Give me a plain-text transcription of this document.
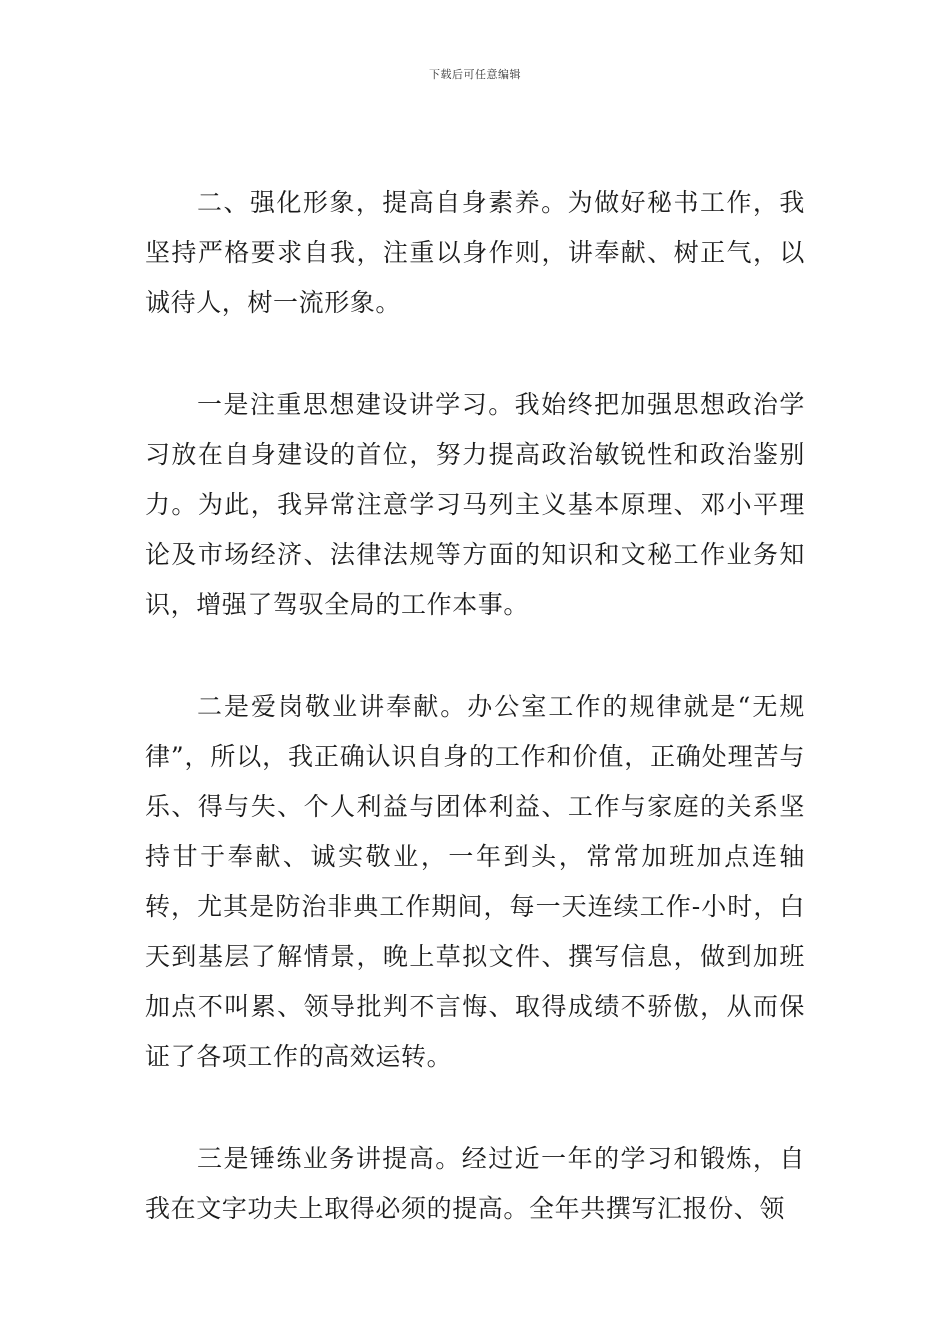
下载后可任意编辑

二、强化形象，提高自身素养。为做好秘书工作，我坚持严格要求自我，注重以身作则，讲奉献、树正气，以诚待人，树一流形象。

一是注重思想建设讲学习。我始终把加强思想政治学习放在自身建设的首位，努力提高政治敏锐性和政治鉴别力。为此，我异常注意学习马列主义基本原理、邓小平理论及市场经济、法律法规等方面的知识和文秘工作业务知识，增强了驾驭全局的工作本事。

二是爱岗敬业讲奉献。办公室工作的规律就是“无规律”，所以，我正确认识自身的工作和价值，正确处理苦与乐、得与失、个人利益与团体利益、工作与家庭的关系坚持甘于奉献、诚实敬业，一年到头，常常加班加点连轴转，尤其是防治非典工作期间，每一天连续工作-小时，白天到基层了解情景，晚上草拟文件、撰写信息，做到加班加点不叫累、领导批判不言悔、取得成绩不骄傲，从而保证了各项工作的高效运转。

三是锤练业务讲提高。经过近一年的学习和锻炼，自我在文字功夫上取得必须的提高。全年共撰写汇报份、领
